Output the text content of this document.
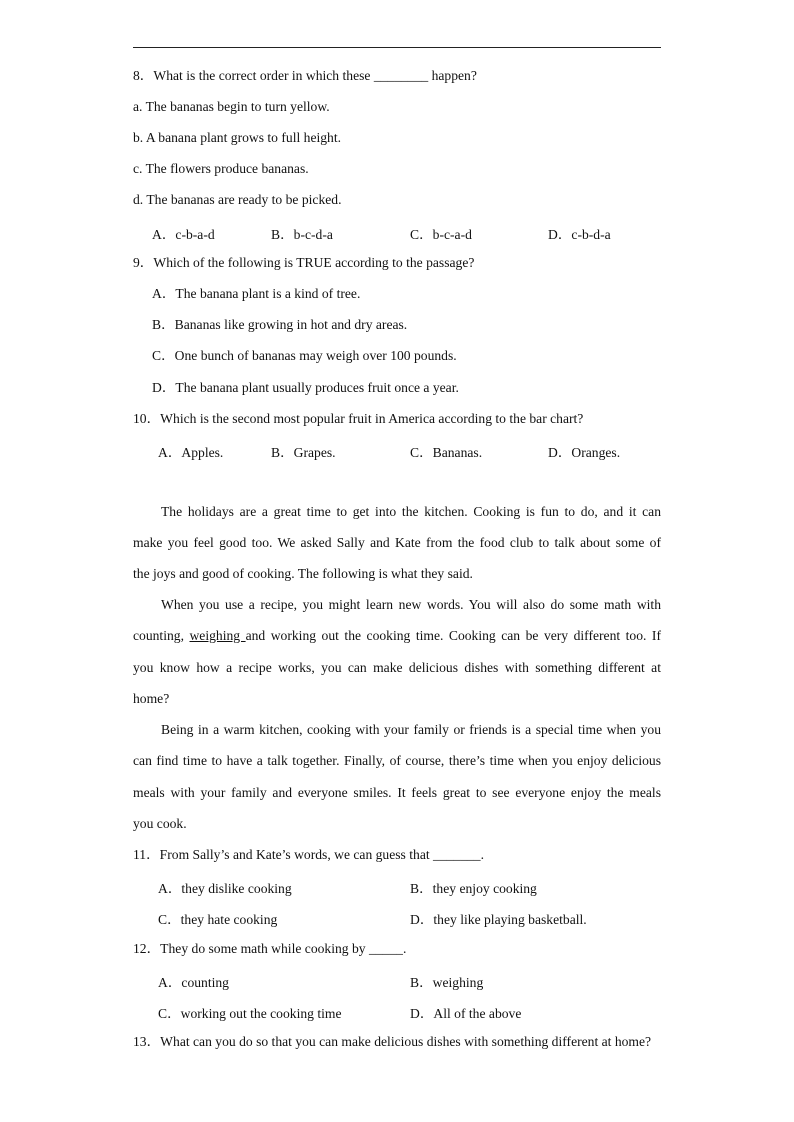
8．What is the correct order in which these ________ happen?
a. The bananas begin to turn yellow.
b. A banana plant grows to full height.
c. The flowers produce bananas.
d. The bananas are ready to be picked.
A．c-b-a-d	B．b-c-d-a	C．b-c-a-d	D．c-b-d-a
9．Which of the following is TRUE according to the passage?
A．The banana plant is a kind of tree.
B．Bananas like growing in hot and dry areas.
C．One bunch of bananas may weigh over 100 pounds.
D．The banana plant usually produces fruit once a year.
10．Which is the second most popular fruit in America according to the bar chart?
A．Apples.	B．Grapes.	C．Bananas.	D．Oranges.
The holidays are a great time to get into the kitchen. Cooking is fun to do, and it can
make you feel good too. We asked Sally and Kate from the food club to talk about some of
the joys and good of cooking. The following is what they said.
When you use a recipe, you might learn new words. You will also do some math with
counting, weighing and working out the cooking time. Cooking can be very different too. If
you know how a recipe works, you can make delicious dishes with something different at
home?
Being in a warm kitchen, cooking with your family or friends is a special time when you
can find time to have a talk together. Finally, of course, there’s time when you enjoy delicious
meals with your family and everyone smiles. It feels great to see everyone enjoy the meals
you cook.
11．From Sally’s and Kate’s words, we can guess that _______.
A．they dislike cooking	B．they enjoy cooking
C．they hate cooking	D．they like playing basketball.
12．They do some math while cooking by _____.
A．counting	B．weighing
C．working out the cooking time	D．All of the above
13．What can you do so that you can make delicious dishes with something different at home?
